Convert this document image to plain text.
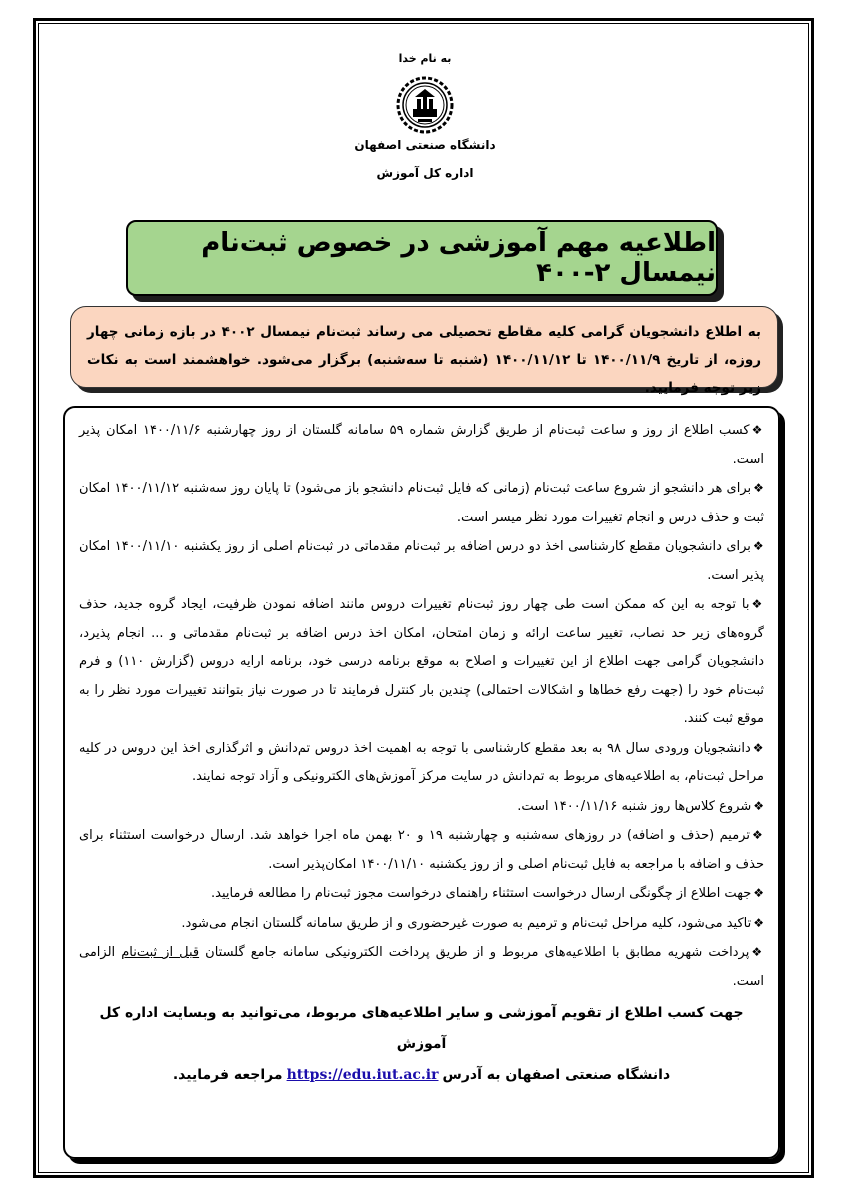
به نام خدا
دانشگاه صنعتی اصفهان
اداره کل آموزش
اطلاعیه مهم آموزشی در خصوص ثبت‌نام نیمسال ۲-۴۰۰
به اطلاع دانشجویان گرامی کلیه مقاطع تحصیلی می رساند ثبت‌نام نیمسال ۴۰۰۲ در بازه زمانی چهار روزه، از تاریخ ۱۴۰۰/۱۱/۹ تا ۱۴۰۰/۱۱/۱۲ (شنبه تا سه‌شنبه) برگزار می‌شود. خواهشمند است به نکات زیر توجه فرمایید.
❖کسب اطلاع از روز و ساعت ثبت‌نام از طریق گزارش شماره ۵۹ سامانه گلستان از روز چهارشنبه ۱۴۰۰/۱۱/۶ امکان پذیر است.
❖برای هر دانشجو از شروع ساعت ثبت‌نام (زمانی که فایل ثبت‌نام دانشجو باز می‌شود) تا پایان روز سه‌شنبه ۱۴۰۰/۱۱/۱۲ امکان ثبت و حذف درس و انجام تغییرات مورد نظر میسر است.
❖برای دانشجویان مقطع کارشناسی اخذ دو درس اضافه بر ثبت‌نام مقدماتی در ثبت‌نام اصلی از روز یکشنبه ۱۴۰۰/۱۱/۱۰ امکان پذیر است.
❖با توجه به این که ممکن است طی چهار روز ثبت‌نام تغییرات دروس مانند اضافه نمودن ظرفیت، ایجاد گروه جدید، حذف گروه‌های زیر حد نصاب، تغییر ساعت ارائه و زمان امتحان، امکان اخذ درس اضافه بر ثبت‌نام مقدماتی و ... انجام پذیرد، دانشجویان گرامی جهت اطلاع از این تغییرات و اصلاح به موقع برنامه درسی خود، برنامه ارایه دروس (گزارش ۱۱۰) و فرم ثبت‌نام خود را (جهت رفع خطاها و اشکالات احتمالی) چندین بار کنترل فرمایند تا در صورت نیاز بتوانند تغییرات مورد نظر را به موقع ثبت کنند.
❖دانشجویان ورودی سال ۹۸ به بعد مقطع کارشناسی با توجه به اهمیت اخذ دروس تم‌دانش و اثرگذاری اخذ این دروس در کلیه مراحل ثبت‌نام، به اطلاعیه‌های مربوط به تم‌دانش در سایت مرکز آموزش‌های الکترونیکی و آزاد توجه نمایند.
❖شروع کلاس‌ها روز شنبه ۱۴۰۰/۱۱/۱۶ است.
❖ترمیم (حذف و اضافه) در روزهای سه‌شنبه و چهارشنبه ۱۹ و ۲۰ بهمن ماه اجرا خواهد شد. ارسال درخواست استثناء برای حذف و اضافه با مراجعه به فایل ثبت‌نام اصلی و از روز یکشنبه ۱۴۰۰/۱۱/۱۰ امکان‌پذیر است.
❖جهت اطلاع از چگونگی ارسال درخواست استثناء راهنمای درخواست مجوز ثبت‌نام را مطالعه فرمایید.
❖تاکید می‌شود، کلیه مراحل ثبت‌نام و ترمیم به صورت غیرحضوری و از طریق سامانه گلستان انجام می‌شود.
❖پرداخت شهریه مطابق با اطلاعیه‌های مربوط و از طریق پرداخت الکترونیکی سامانه جامع گلستان قبل از ثبت‌نام الزامی است.
جهت کسب اطلاع از تقویم آموزشی و سایر اطلاعیه‌های مربوط، می‌توانید به وبسایت اداره کل آموزش
دانشگاه صنعتی اصفهان به آدرسhttps://edu.iut.ac.irمراجعه فرمایید.
